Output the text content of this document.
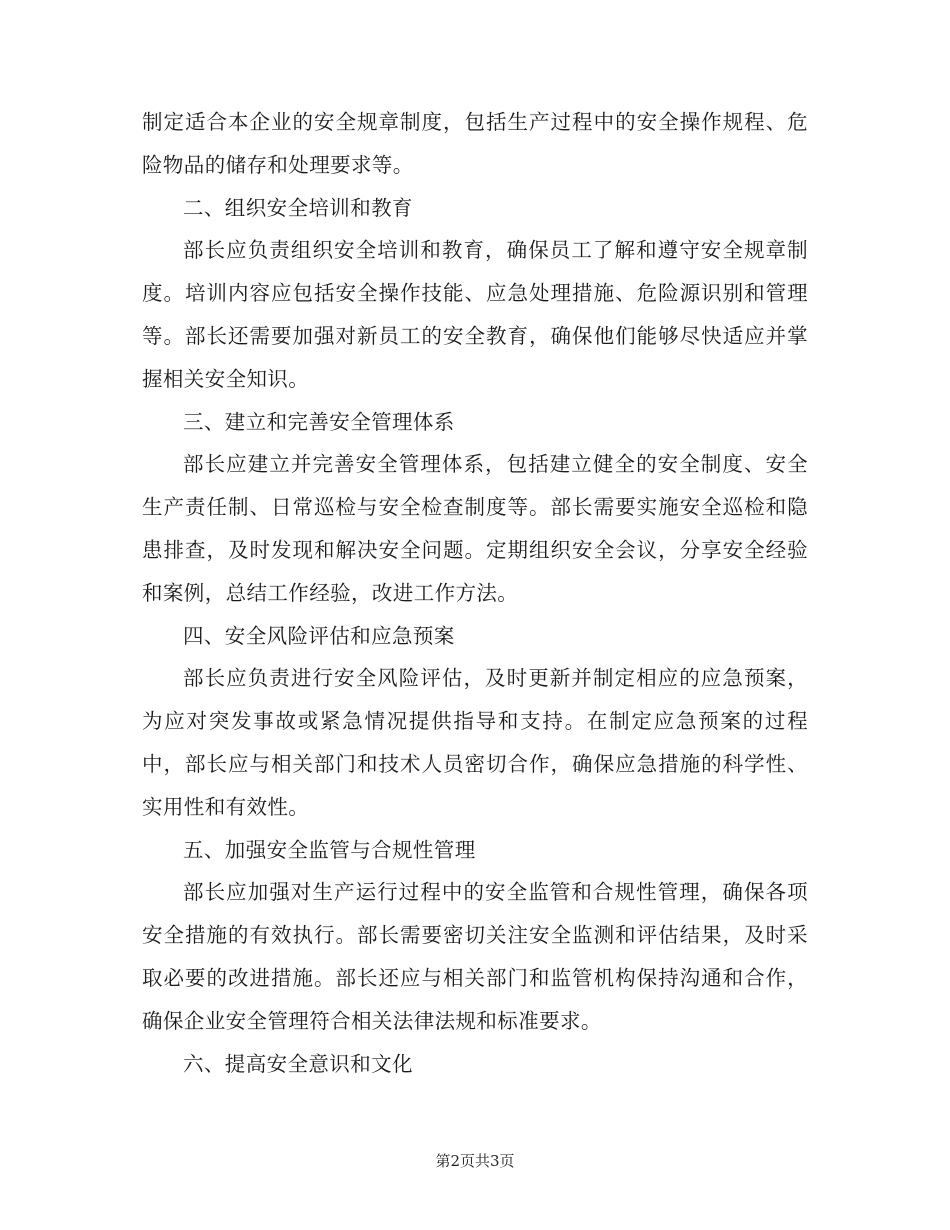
制定适合本企业的安全规章制度，包括生产过程中的安全操作规程、危险物品的储存和处理要求等。

二、组织安全培训和教育

部长应负责组织安全培训和教育，确保员工了解和遵守安全规章制度。培训内容应包括安全操作技能、应急处理措施、危险源识别和管理等。部长还需要加强对新员工的安全教育，确保他们能够尽快适应并掌握相关安全知识。

三、建立和完善安全管理体系

部长应建立并完善安全管理体系，包括建立健全的安全制度、安全生产责任制、日常巡检与安全检查制度等。部长需要实施安全巡检和隐患排查，及时发现和解决安全问题。定期组织安全会议，分享安全经验和案例，总结工作经验，改进工作方法。

四、安全风险评估和应急预案

部长应负责进行安全风险评估，及时更新并制定相应的应急预案，为应对突发事故或紧急情况提供指导和支持。在制定应急预案的过程中，部长应与相关部门和技术人员密切合作，确保应急措施的科学性、实用性和有效性。

五、加强安全监管与合规性管理

部长应加强对生产运行过程中的安全监管和合规性管理，确保各项安全措施的有效执行。部长需要密切关注安全监测和评估结果，及时采取必要的改进措施。部长还应与相关部门和监管机构保持沟通和合作，确保企业安全管理符合相关法律法规和标准要求。

六、提高安全意识和文化

第2页共3页
